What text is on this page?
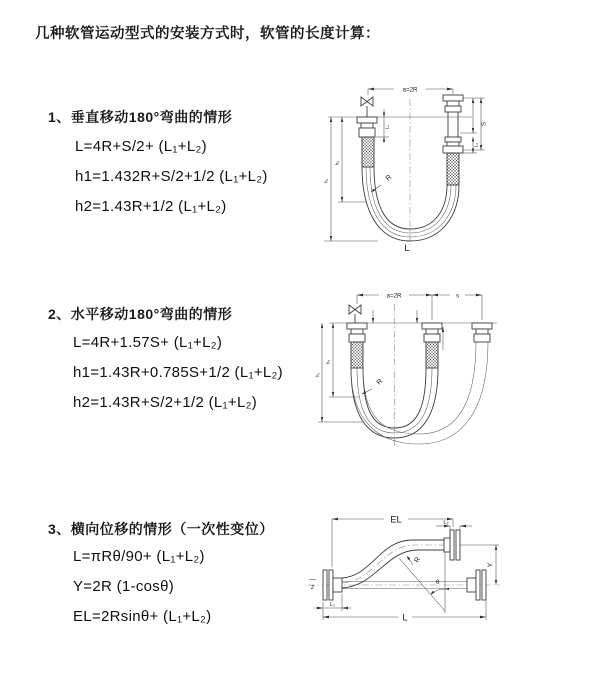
几种软管运动型式的安装方式时，软管的长度计算：
1、垂直移动180°弯曲的情形
L=4R+S/2+ (L₁+L₂)
h1=1.432R+S/2+1/2 (L₁+L₂)
h2=1.43R+1/2 (L₁+L₂)
2、水平移动180°弯曲的情形
L=4R+1.57S+ (L₁+L₂)
h1=1.43R+0.785S+1/2 (L₁+L₂)
h2=1.43R+S/2+1/2 (L₁+L₂)
3、横向位移的情形（一次性变位）
L=πRθ/90+ (L₁+L₂)
Y=2R (1-cosθ)
EL=2Rsinθ+ (L₁+L₂)
a=2R
S
L₂
h₁
h₂
L₁
R
L
a=2R	s
h₁
h₂
R
z
EL	L₂
Y
θ
R
L₁
L
